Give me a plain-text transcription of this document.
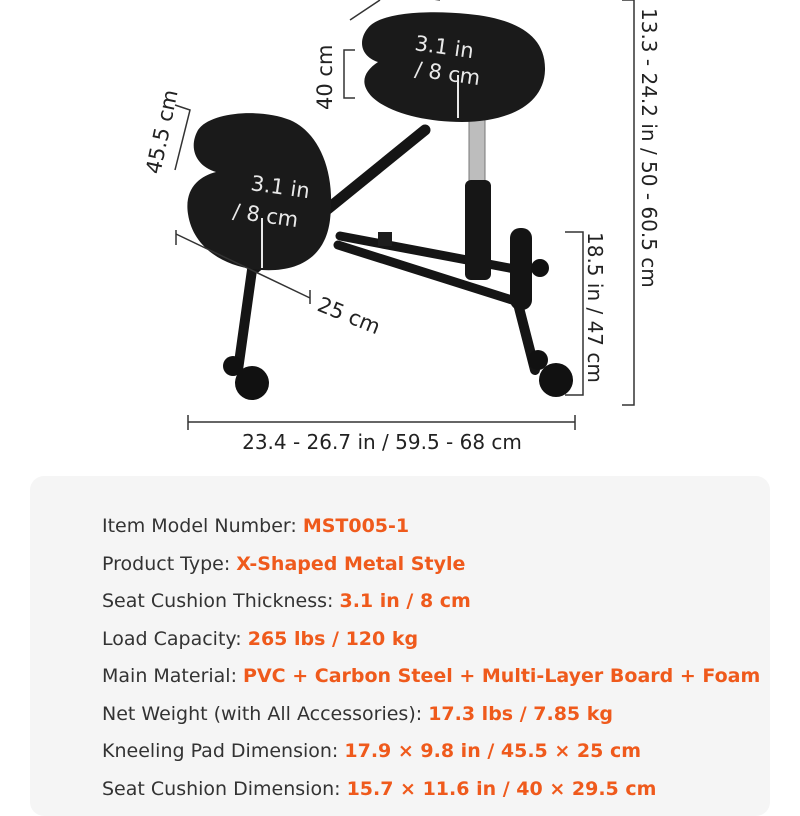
3.1 in
/ 8 cm
3.1 in
/ 8 cm
40 cm
45.5 cm
25 cm
13.3 - 24.2 in / 50 - 60.5 cm
18.5 in / 47 cm
23.4 - 26.7 in / 59.5 - 68 cm
Item Model Number: MST005-1
Product Type: X-Shaped Metal Style
Seat Cushion Thickness: 3.1 in / 8 cm
Load Capacity: 265 lbs / 120 kg
Main Material: PVC + Carbon Steel + Multi-Layer Board + Foam
Net Weight (with All Accessories): 17.3 lbs / 7.85 kg
Kneeling Pad Dimension: 17.9 × 9.8 in / 45.5 × 25 cm
Seat Cushion Dimension: 15.7 × 11.6 in / 40 × 29.5 cm
